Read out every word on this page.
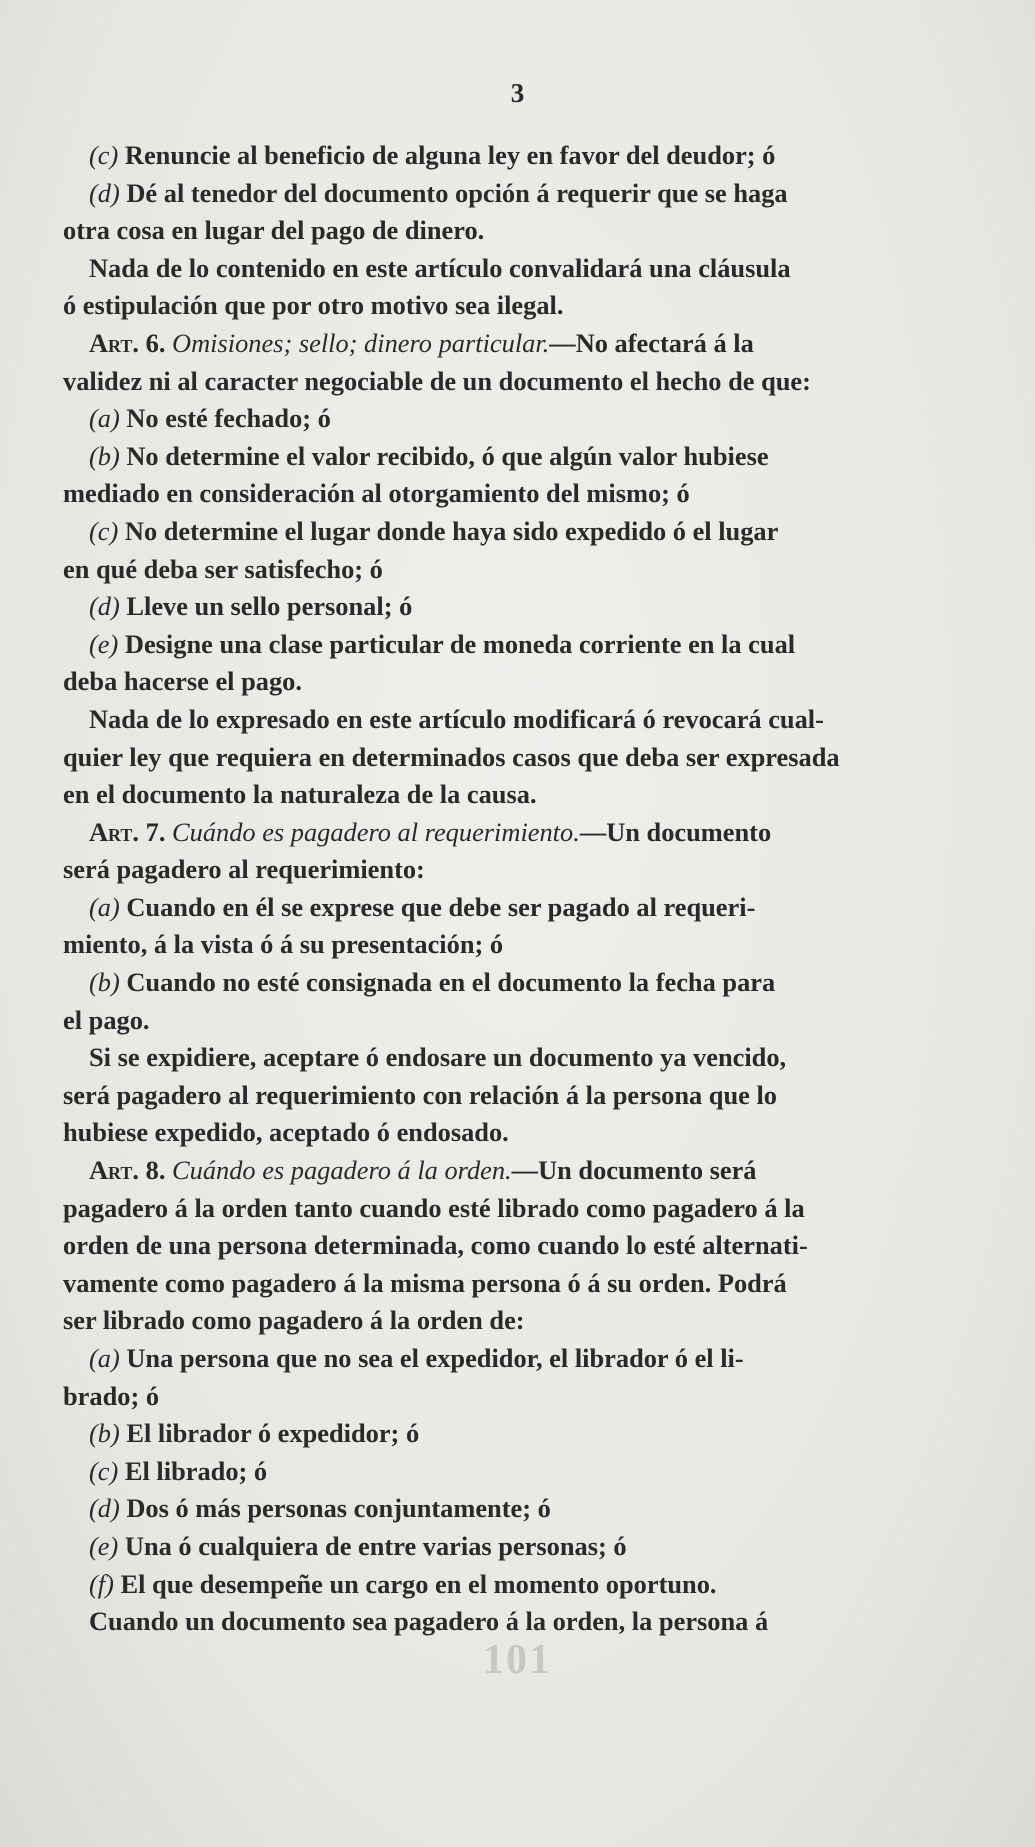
3
(c) Renuncie al beneficio de alguna ley en favor del deudor; ó
(d) Dé al tenedor del documento opción á requerir que se haga
otra cosa en lugar del pago de dinero.
Nada de lo contenido en este artículo convalidará una cláusula
ó estipulación que por otro motivo sea ilegal.
Art. 6. Omisiones; sello; dinero particular.—No afectará á la
validez ni al caracter negociable de un documento el hecho de que:
(a) No esté fechado; ó
(b) No determine el valor recibido, ó que algún valor hubiese
mediado en consideración al otorgamiento del mismo; ó
(c) No determine el lugar donde haya sido expedido ó el lugar
en qué deba ser satisfecho; ó
(d) Lleve un sello personal; ó
(e) Designe una clase particular de moneda corriente en la cual
deba hacerse el pago.
Nada de lo expresado en este artículo modificará ó revocará cual-
quier ley que requiera en determinados casos que deba ser expresada
en el documento la naturaleza de la causa.
Art. 7. Cuándo es pagadero al requerimiento.—Un documento
será pagadero al requerimiento:
(a) Cuando en él se exprese que debe ser pagado al requeri-
miento, á la vista ó á su presentación; ó
(b) Cuando no esté consignada en el documento la fecha para
el pago.
Si se expidiere, aceptare ó endosare un documento ya vencido,
será pagadero al requerimiento con relación á la persona que lo
hubiese expedido, aceptado ó endosado.
Art. 8. Cuándo es pagadero á la orden.—Un documento será
pagadero á la orden tanto cuando esté librado como pagadero á la
orden de una persona determinada, como cuando lo esté alternati-
vamente como pagadero á la misma persona ó á su orden. Podrá
ser librado como pagadero á la orden de:
(a) Una persona que no sea el expedidor, el librador ó el li-
brado; ó
(b) El librador ó expedidor; ó
(c) El librado; ó
(d) Dos ó más personas conjuntamente; ó
(e) Una ó cualquiera de entre varias personas; ó
(f) El que desempeñe un cargo en el momento oportuno.
Cuando un documento sea pagadero á la orden, la persona á
101
